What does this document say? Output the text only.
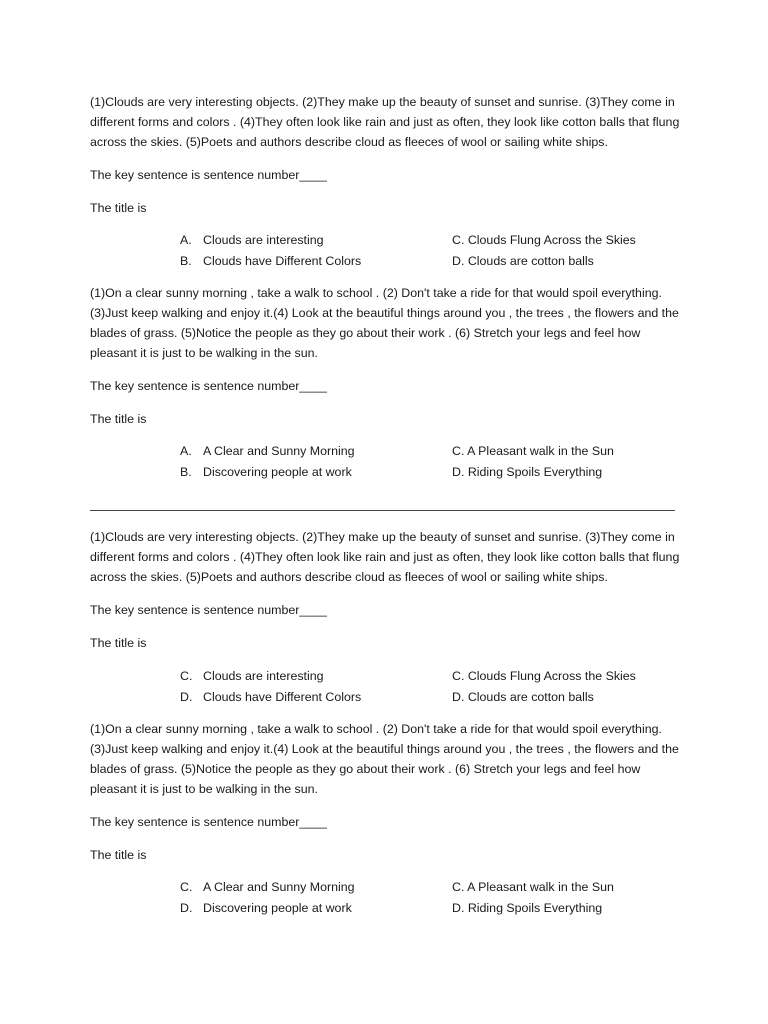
(1)Clouds are very interesting objects. (2)They make up the beauty of sunset and sunrise. (3)They come in different forms and colors . (4)They often look like rain and just as often, they look like cotton balls that flung across the skies. (5)Poets and authors describe cloud as fleeces of wool or sailing white ships.

The key sentence is sentence number____

The title is

A. Clouds are interesting	C. Clouds Flung Across the Skies
B. Clouds have Different Colors	D. Clouds are cotton balls

(1)On a clear sunny morning , take a walk to school . (2) Don't take a ride for that would spoil everything. (3)Just keep walking and enjoy it.(4) Look at the beautiful things around you , the trees , the flowers and the blades of grass. (5)Notice the people as they go about their work . (6) Stretch your legs and feel how pleasant it is just to be walking in the sun.

The key sentence is sentence number____

The title is

A. A Clear and Sunny Morning	C. A Pleasant walk in the Sun
B. Discovering people at work	D. Riding Spoils Everything

(1)Clouds are very interesting objects. (2)They make up the beauty of sunset and sunrise. (3)They come in different forms and colors . (4)They often look like rain and just as often, they look like cotton balls that flung across the skies. (5)Poets and authors describe cloud as fleeces of wool or sailing white ships.

The key sentence is sentence number____

The title is

C. Clouds are interesting	C. Clouds Flung Across the Skies
D. Clouds have Different Colors	D. Clouds are cotton balls

(1)On a clear sunny morning , take a walk to school . (2) Don't take a ride for that would spoil everything. (3)Just keep walking and enjoy it.(4) Look at the beautiful things around you , the trees , the flowers and the blades of grass. (5)Notice the people as they go about their work . (6) Stretch your legs and feel how pleasant it is just to be walking in the sun.

The key sentence is sentence number____

The title is

C. A Clear and Sunny Morning	C. A Pleasant walk in the Sun
D. Discovering people at work	D. Riding Spoils Everything
